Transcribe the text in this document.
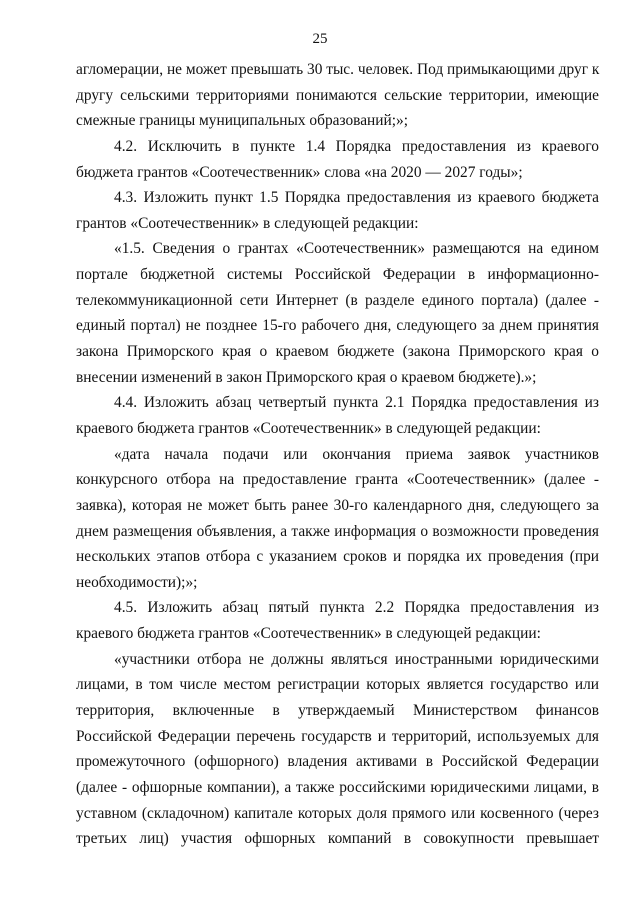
25
агломерации, не может превышать 30 тыс. человек. Под примыкающими друг к
другу сельскими территориями понимаются сельские территории, имеющие
смежные границы муниципальных образований;»;
4.2. Исключить в пункте 1.4 Порядка предоставления из краевого
бюджета грантов «Соотечественник» слова «на 2020 — 2027 годы»;
4.3. Изложить пункт 1.5 Порядка предоставления из краевого бюджета
грантов «Соотечественник» в следующей редакции:
«1.5. Сведения о грантах «Соотечественник» размещаются на едином
портале бюджетной системы Российской Федерации в информационно-
телекоммуникационной сети Интернет (в разделе единого портала) (далее -
единый портал) не позднее 15-го рабочего дня, следующего за днем принятия
закона Приморского края о краевом бюджете (закона Приморского края о
внесении изменений в закон Приморского края о краевом бюджете).»;
4.4. Изложить абзац четвертый пункта 2.1 Порядка предоставления из
краевого бюджета грантов «Соотечественник» в следующей редакции:
«дата начала подачи или окончания приема заявок участников
конкурсного отбора на предоставление гранта «Соотечественник» (далее -
заявка), которая не может быть ранее 30-го календарного дня, следующего за
днем размещения объявления, а также информация о возможности проведения
нескольких этапов отбора с указанием сроков и порядка их проведения (при
необходимости);»;
4.5. Изложить абзац пятый пункта 2.2 Порядка предоставления из
краевого бюджета грантов «Соотечественник» в следующей редакции:
«участники отбора не должны являться иностранными юридическими
лицами, в том числе местом регистрации которых является государство или
территория, включенные в утверждаемый Министерством финансов
Российской Федерации перечень государств и территорий, используемых для
промежуточного (офшорного) владения активами в Российской Федерации
(далее - офшорные компании), а также российскими юридическими лицами, в
уставном (складочном) капитале которых доля прямого или косвенного (через
третьих лиц) участия офшорных компаний в совокупности превышает
